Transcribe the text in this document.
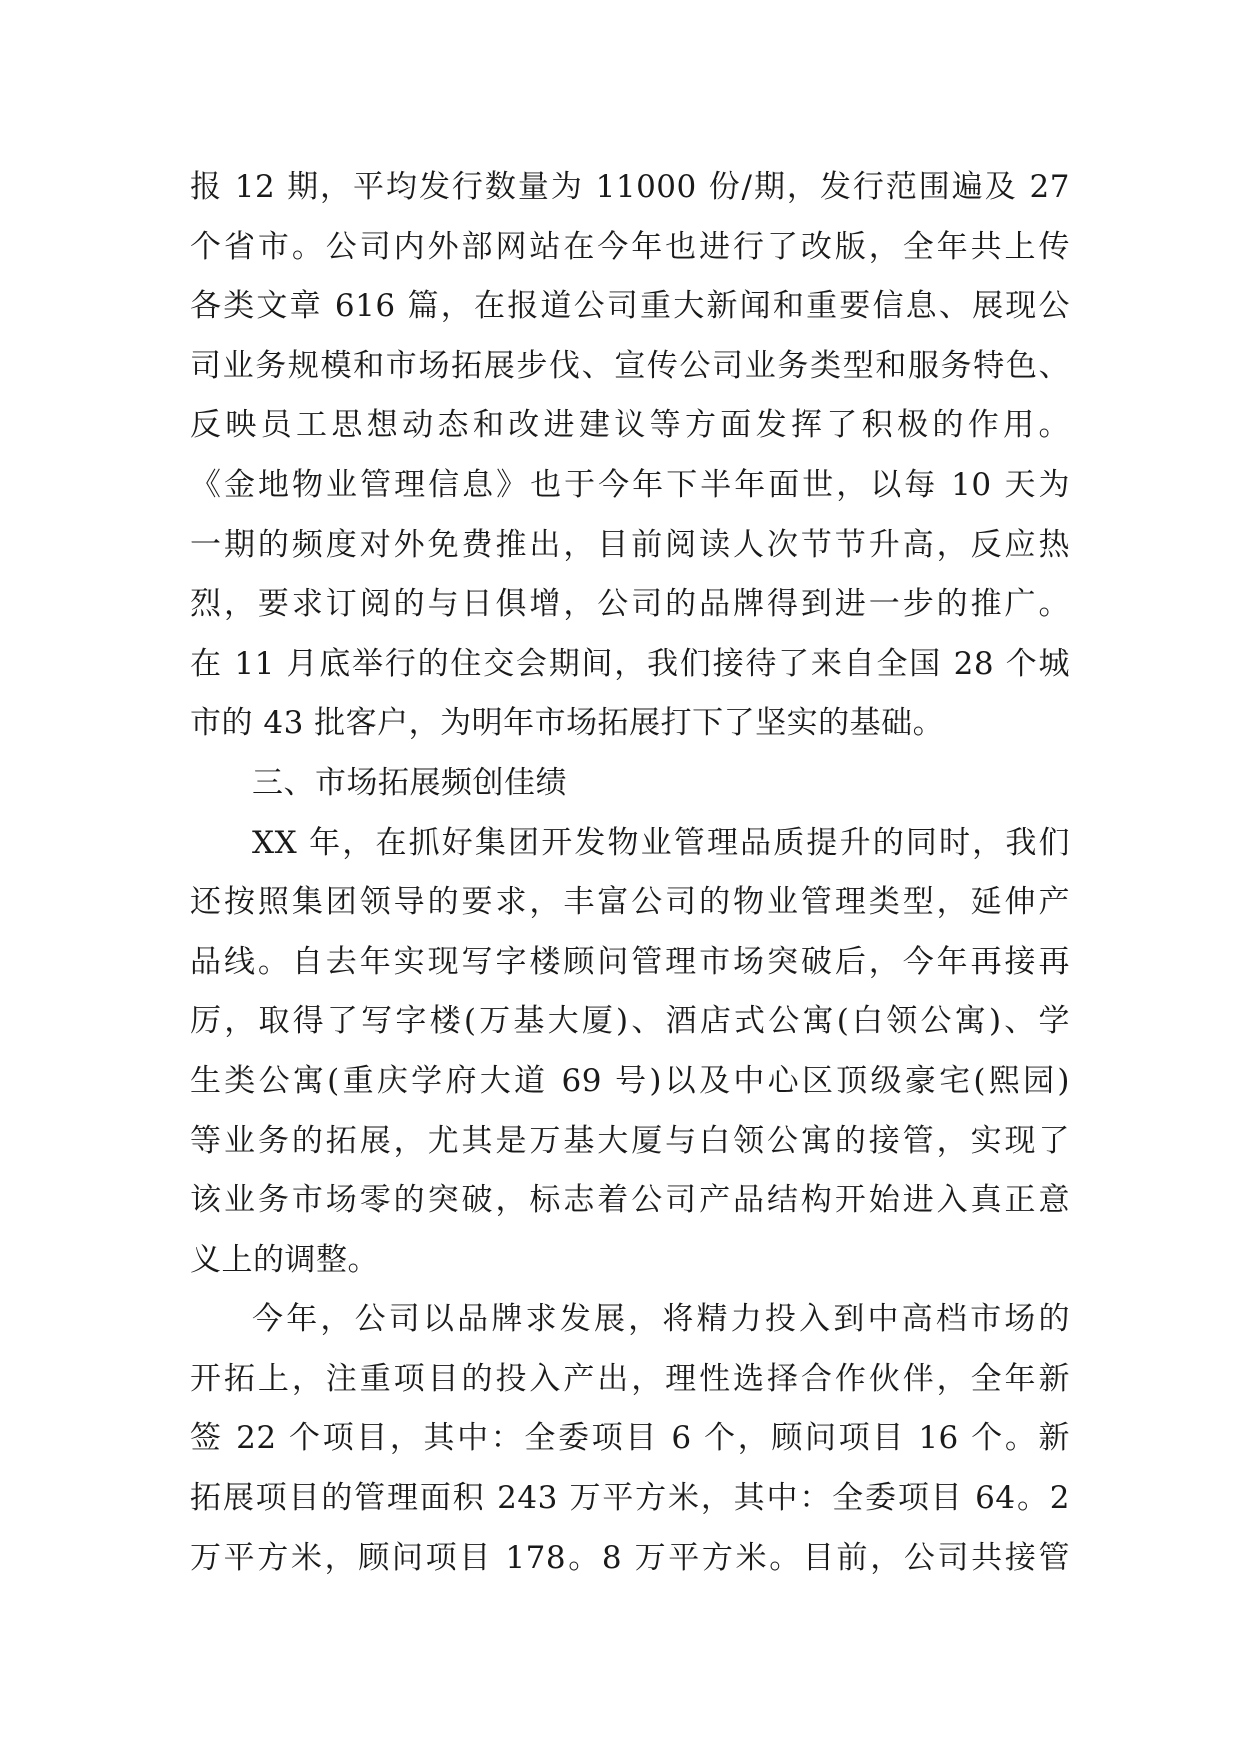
报 12 期，平均发行数量为 11000 份/期，发行范围遍及 27
个省市。公司内外部网站在今年也进行了改版，全年共上传
各类文章 616 篇，在报道公司重大新闻和重要信息、展现公
司业务规模和市场拓展步伐、宣传公司业务类型和服务特色、
反映员工思想动态和改进建议等方面发挥了积极的作用。
《金地物业管理信息》也于今年下半年面世，以每 10 天为
一期的频度对外免费推出，目前阅读人次节节升高，反应热
烈，要求订阅的与日俱增，公司的品牌得到进一步的推广。
在 11 月底举行的住交会期间，我们接待了来自全国 28 个城
市的 43 批客户，为明年市场拓展打下了坚实的基础。
三、市场拓展频创佳绩
XX 年，在抓好集团开发物业管理品质提升的同时，我们
还按照集团领导的要求，丰富公司的物业管理类型，延伸产
品线。自去年实现写字楼顾问管理市场突破后，今年再接再
厉，取得了写字楼(万基大厦)、酒店式公寓(白领公寓)、学
生类公寓(重庆学府大道 69 号)以及中心区顶级豪宅(熙园)
等业务的拓展，尤其是万基大厦与白领公寓的接管，实现了
该业务市场零的突破，标志着公司产品结构开始进入真正意
义上的调整。
今年，公司以品牌求发展，将精力投入到中高档市场的
开拓上，注重项目的投入产出，理性选择合作伙伴，全年新
签 22 个项目，其中：全委项目 6 个，顾问项目 16 个。新
拓展项目的管理面积 243 万平方米，其中：全委项目 64。2
万平方米，顾问项目 178。8 万平方米。目前，公司共接管
